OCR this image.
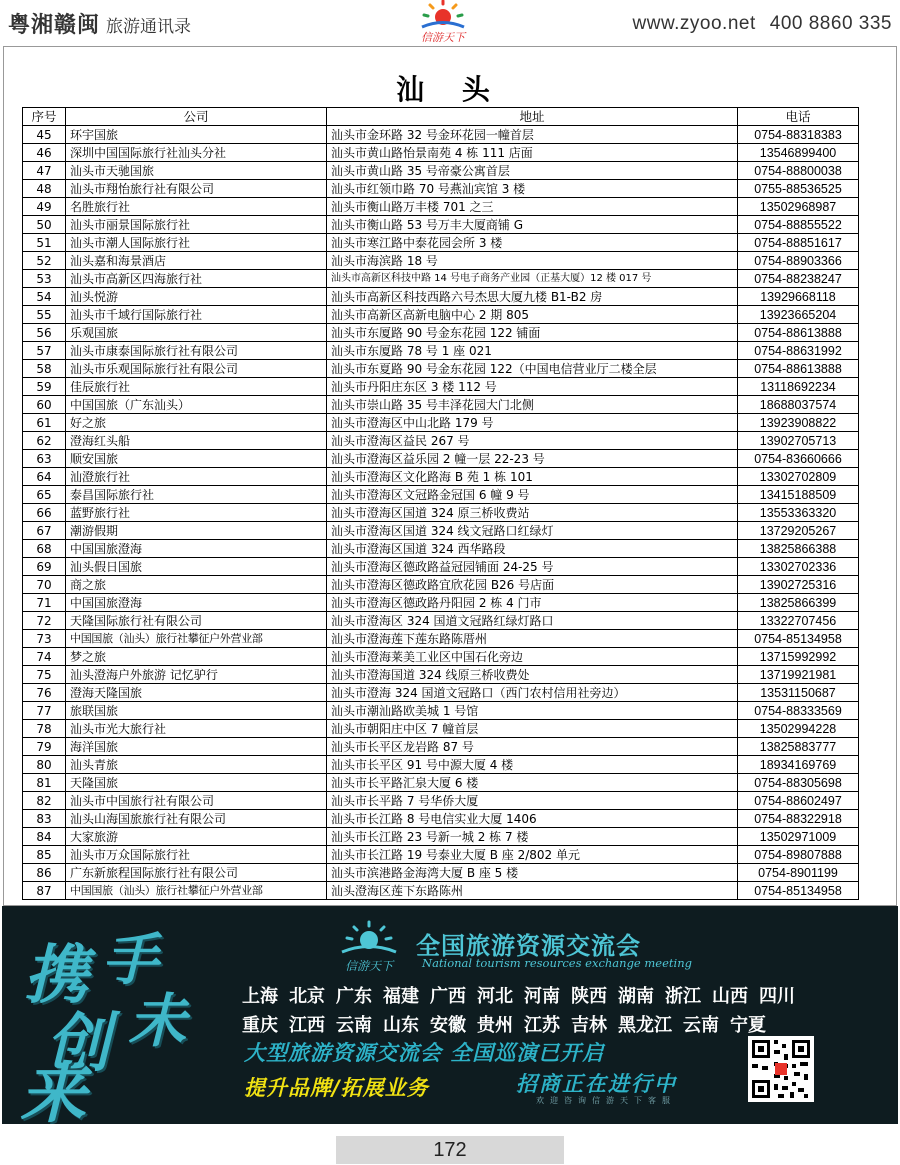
粤湘赣闽 旅游通讯录
信游天下
www.zyoo.net 400 8860 335
汕 头
序号	公司	地址	电话
45	环宇国旅	汕头市金环路 32 号金环花园一幢首层	0754-88318383
46	深圳中国国际旅行社汕头分社	汕头市黄山路怡景南苑 4 栋 111 店面	13546899400
47	汕头市天驰国旅	汕头市黄山路 35 号帝豪公寓首层	0754-88800038
48	汕头市翔怡旅行社有限公司	汕头市红领巾路 70 号燕汕宾馆 3 楼	0755-88536525
49	名胜旅行社	汕头市衡山路万丰楼 701 之三	13502968987
50	汕头市丽景国际旅行社	汕头市衡山路 53 号万丰大厦商铺 G	0754-88855522
51	汕头市潮人国际旅行社	汕头市寒江路中泰花园会所 3 楼	0754-88851617
52	汕头嘉和海景酒店	汕头市海滨路 18 号	0754-88903366
53	汕头市高新区四海旅行社	汕头市高新区科技中路 14 号电子商务产业园（正基大厦）12 楼 017 号	0754-88238247
54	汕头悦游	汕头市高新区科技西路六号杰思大厦九楼 B1-B2 房	13929668118
55	汕头市千域行国际旅行社	汕头市高新区高新电脑中心 2 期 805	13923665204
56	乐观国旅	汕头市东厦路 90 号金东花园 122 铺面	0754-88613888
57	汕头市康泰国际旅行社有限公司	汕头市东厦路 78 号 1 座 021	0754-88631992
58	汕头市乐观国际旅行社有限公司	汕头市东夏路 90 号金东花园 122（中国电信营业厅二楼全层	0754-88613888
59	佳辰旅行社	汕头市丹阳庄东区 3 楼 112 号	13118692234
60	中国国旅（广东汕头）	汕头市崇山路 35 号丰泽花园大门北侧	18688037574
61	好之旅	汕头市澄海区中山北路 179 号	13923908822
62	澄海红头船	汕头市澄海区益民 267 号	13902705713
63	顺安国旅	汕头市澄海区益乐园 2 幢一层 22-23 号	0754-83660666
64	汕澄旅行社	汕头市澄海区文化路海 B 苑 1 栋 101	13302702809
65	泰昌国际旅行社	汕头市澄海区文冠路金冠国 6 幢 9 号	13415188509
66	蓝野旅行社	汕头市澄海区国道 324 原三桥收费站	13553363320
67	潮游假期	汕头市澄海区国道 324 线文冠路口红绿灯	13729205267
68	中国国旅澄海	汕头市澄海区国道 324 西华路段	13825866388
69	汕头假日国旅	汕头市澄海区德政路益冠园铺面 24-25 号	13302702336
70	商之旅	汕头市澄海区德政路宜欣花园 B26 号店面	13902725316
71	中国国旅澄海	汕头市澄海区德政路丹阳园 2 栋 4 门市	13825866399
72	天隆国际旅行社有限公司	汕头市澄海区 324 国道文冠路红绿灯路口	13322707456
73	中国国旅（汕头）旅行社攀征户外营业部	汕头市澄海莲下莲东路陈厝州	0754-85134958
74	梦之旅	汕头市澄海莱美工业区中国石化旁边	13715992992
75	汕头澄海户外旅游 记忆驴行	汕头市澄海国道 324 线原三桥收费处	13719921981
76	澄海天隆国旅	汕头市澄海 324 国道文冠路口（西门农村信用社旁边）	13531150687
77	旅联国旅	汕头市潮汕路欧美城 1 号馆	0754-88333569
78	汕头市光大旅行社	汕头市朝阳庄中区 7 幢首层	13502994228
79	海洋国旅	汕头市长平区龙岩路 87 号	13825883777
80	汕头青旅	汕头市长平区 91 号中源大厦 4 楼	18934169769
81	天隆国旅	汕头市长平路汇泉大厦 6 楼	0754-88305698
82	汕头市中国旅行社有限公司	汕头市长平路 7 号华侨大厦	0754-88602497
83	汕头山海国旅旅行社有限公司	汕头市长江路 8 号电信实业大厦 1406	0754-88322918
84	大家旅游	汕头市长江路 23 号新一城 2 栋 7 楼	13502971009
85	汕头市万众国际旅行社	汕头市长江路 19 号泰业大厦 B 座 2/802 单元	0754-89807888
86	广东新旅程国际旅行社有限公司	汕头市滨港路金海湾大厦 B 座 5 楼	0754-8901199
87	中国国旅（汕头）旅行社攀征户外营业部	汕头澄海区莲下东路陈州	0754-85134958
携 手
创 未
来
信游天下
全国旅游资源交流会
National tourism resources exchange meeting
上海 北京 广东 福建 广西 河北 河南 陕西 湖南 浙江 山西 四川
重庆 江西 云南 山东 安徽 贵州 江苏 吉林 黑龙江 云南 宁夏
大型旅游资源交流会 全国巡演已开启
提升品牌/拓展业务	招商正在进行中
欢迎咨询信游天下客服
172
